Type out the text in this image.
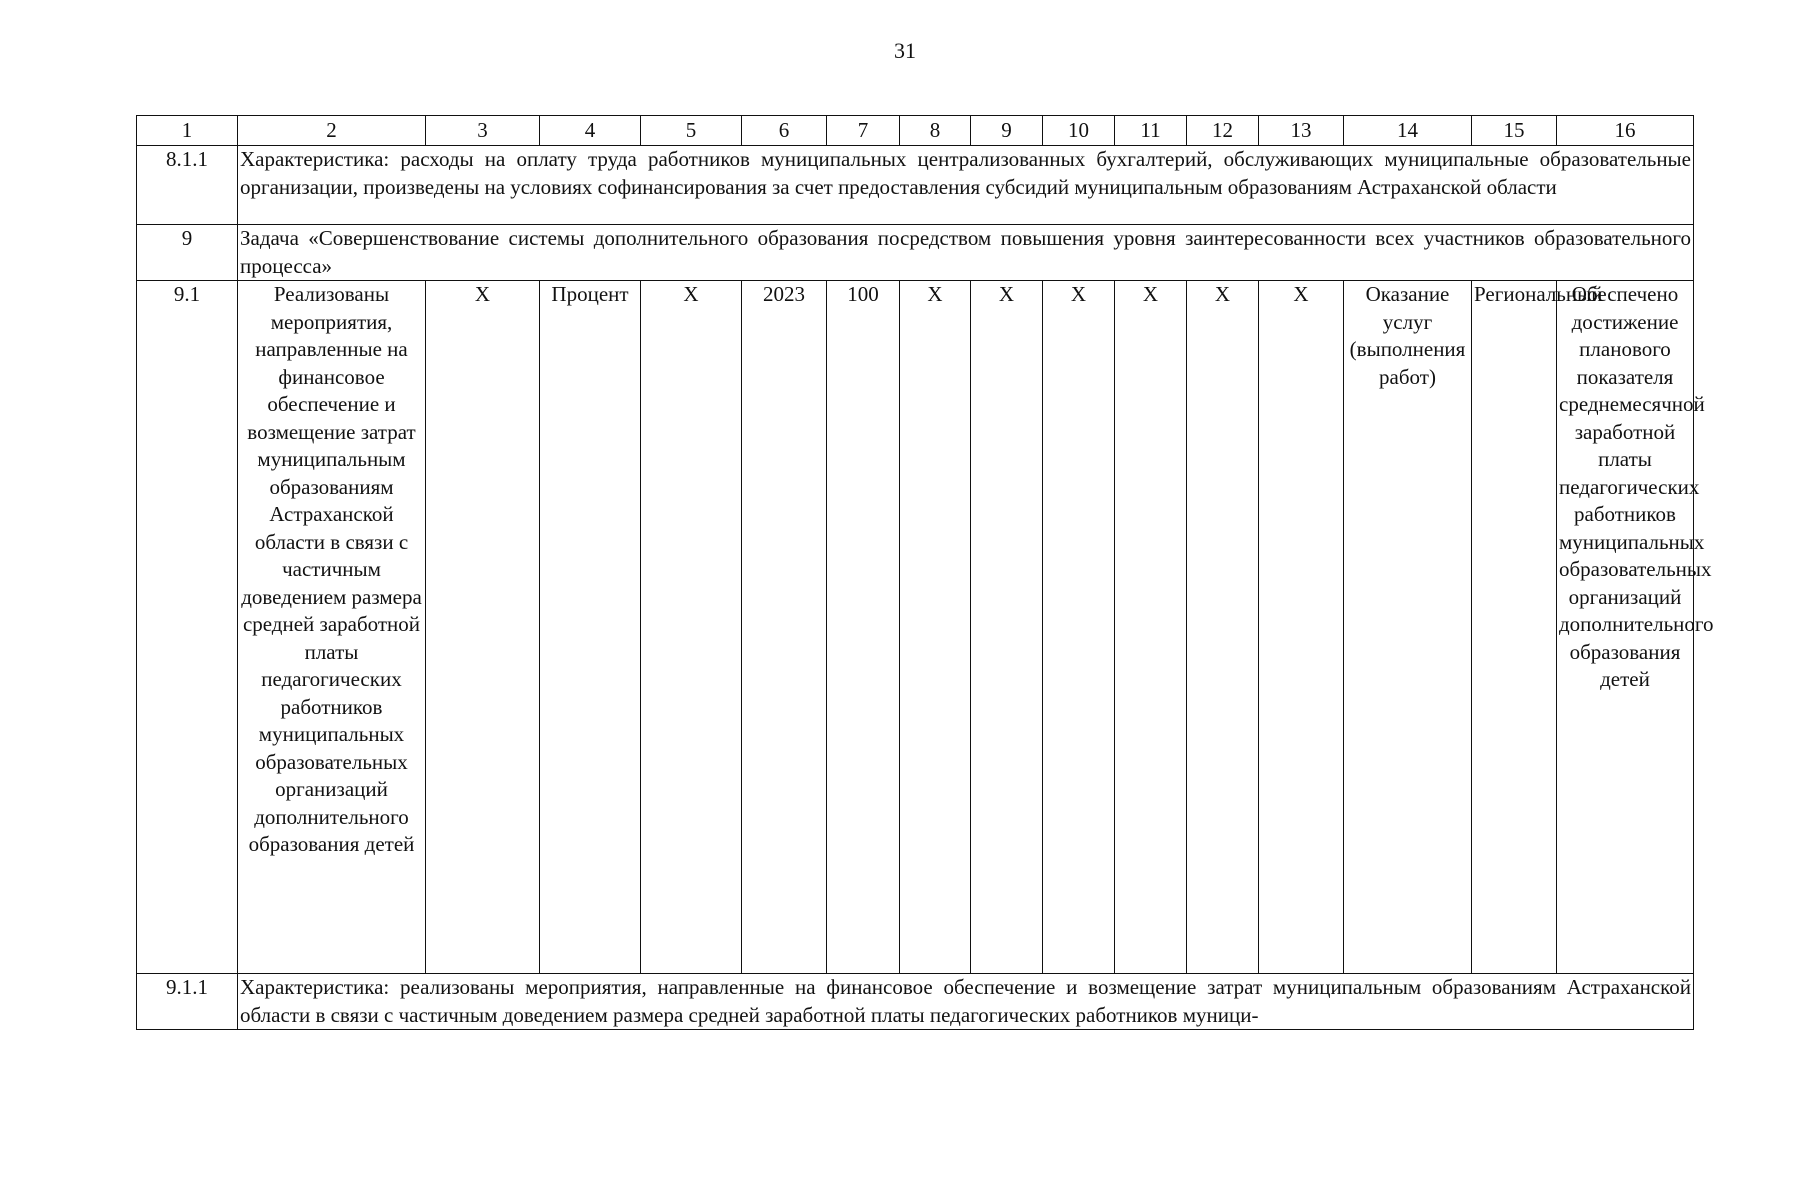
31
1	2	3	4	5	6	7	8	9	10	11	12	13	14	15	16
8.1.1	Характеристика: расходы на оплату труда работников муниципальных централизованных бухгалтерий, обслуживающих муниципальные образовательные организации, произведены на условиях софинансирования за счет предоставления субсидий муниципальным образованиям Астраханской области														
9	Задача «Совершенствование системы дополнительного образования посредством повышения уровня заинтересованности всех участников образовательного процесса»														
9.1	Реализованы мероприятия, направленные на финансовое обеспечение и возмещение затрат муниципальным образованиям Астраханской области в связи с частичным доведением размера средней заработной платы педагогических работников муниципальных образовательных организаций дополнительного образования детей	X	Процент	X	2023	100	X	X	X	X	X	X	Оказание услуг (выполнения работ)	Региональный	Обеспечено достижение планового показателя среднемесячной заработной платы педагогических работников муниципальных образовательных организаций дополнительного образования детей
9.1.1	Характеристика: реализованы мероприятия, направленные на финансовое обеспечение и возмещение затрат муниципальным образованиям Астраханской области в связи с частичным доведением размера средней заработной платы педагогических работников муници-														
